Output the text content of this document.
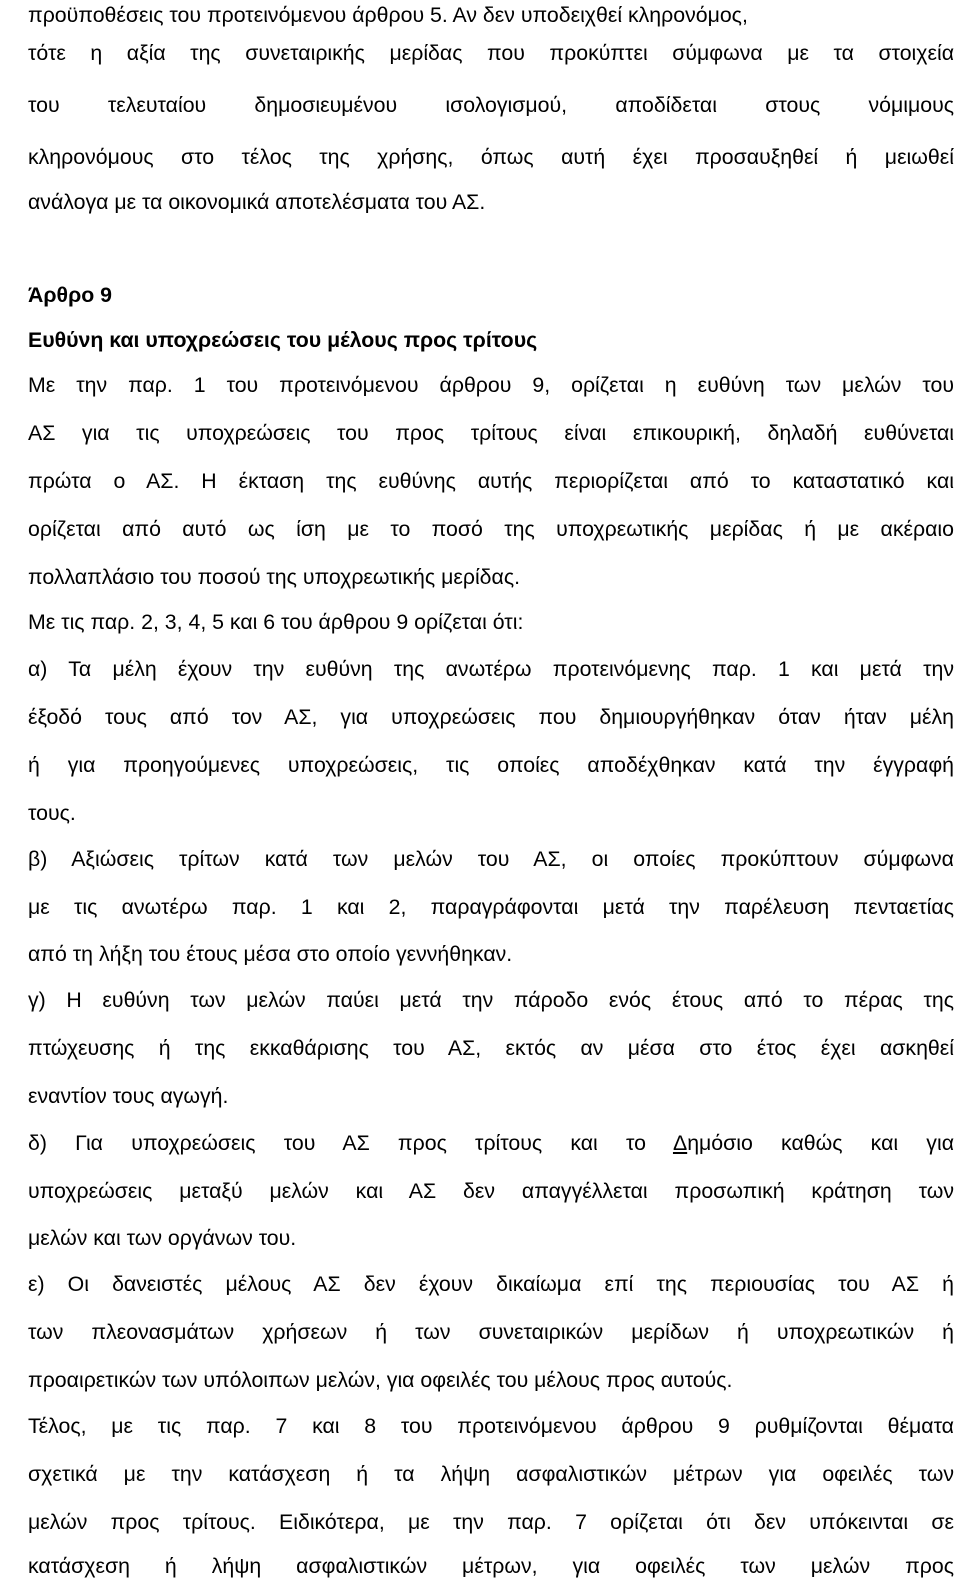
προϋποθέσεις του προτεινόμενου άρθρου 5. Αν δεν υποδειχθεί κληρονόμος,
τότε η αξία της συνεταιρικής μερίδας που προκύπτει σύμφωνα με τα στοιχεία
του τελευταίου δημοσιευμένου ισολογισμού, αποδίδεται στους νόμιμους
κληρονόμους στο τέλος της χρήσης, όπως αυτή έχει προσαυξηθεί ή μειωθεί
ανάλογα με τα οικονομικά αποτελέσματα του ΑΣ.
Άρθρο 9
Ευθύνη και υποχρεώσεις του μέλους προς τρίτους
Με την παρ. 1 του προτεινόμενου άρθρου 9, ορίζεται η ευθύνη των μελών του
ΑΣ για τις υποχρεώσεις του προς τρίτους είναι επικουρική, δηλαδή ευθύνεται
πρώτα ο ΑΣ. Η έκταση της ευθύνης αυτής περιορίζεται από το καταστατικό και
ορίζεται από αυτό ως ίση με το ποσό της υποχρεωτικής μερίδας ή με ακέραιο
πολλαπλάσιο του ποσού της υποχρεωτικής μερίδας.
Με τις παρ. 2, 3, 4, 5 και 6 του άρθρου 9 ορίζεται ότι:
α) Τα μέλη έχουν την ευθύνη της ανωτέρω προτεινόμενης παρ. 1 και μετά την
έξοδό τους από τον ΑΣ, για υποχρεώσεις που δημιουργήθηκαν όταν ήταν μέλη
ή για προηγούμενες υποχρεώσεις, τις οποίες αποδέχθηκαν κατά την έγγραφή
τους.
β) Αξιώσεις τρίτων κατά των μελών του ΑΣ, οι οποίες προκύπτουν σύμφωνα
με τις ανωτέρω παρ. 1 και 2, παραγράφονται μετά την παρέλευση πενταετίας
από τη λήξη του έτους μέσα στο οποίο γεννήθηκαν.
γ) Η ευθύνη των μελών παύει μετά την πάροδο ενός έτους από το πέρας της
πτώχευσης ή της εκκαθάρισης του ΑΣ, εκτός αν μέσα στο έτος έχει ασκηθεί
εναντίον τους αγωγή.
δ) Για υποχρεώσεις του ΑΣ προς τρίτους και το Δημόσιο καθώς και για
υποχρεώσεις μεταξύ μελών και ΑΣ δεν απαγγέλλεται προσωπική κράτηση των
μελών και των οργάνων του.
ε) Οι δανειστές μέλους ΑΣ δεν έχουν δικαίωμα επί της περιουσίας του ΑΣ ή
των πλεονασμάτων χρήσεων ή των συνεταιρικών μερίδων ή υποχρεωτικών ή
προαιρετικών των υπόλοιπων μελών, για οφειλές του μέλους προς αυτούς.
Τέλος, με τις παρ. 7 και 8 του προτεινόμενου άρθρου 9 ρυθμίζονται θέματα
σχετικά με την κατάσχεση ή τα λήψη ασφαλιστικών μέτρων για οφειλές των
μελών προς τρίτους. Ειδικότερα, με την παρ. 7 ορίζεται ότι δεν υπόκεινται σε
κατάσχεση ή λήψη ασφαλιστικών μέτρων, για οφειλές των μελών προς
